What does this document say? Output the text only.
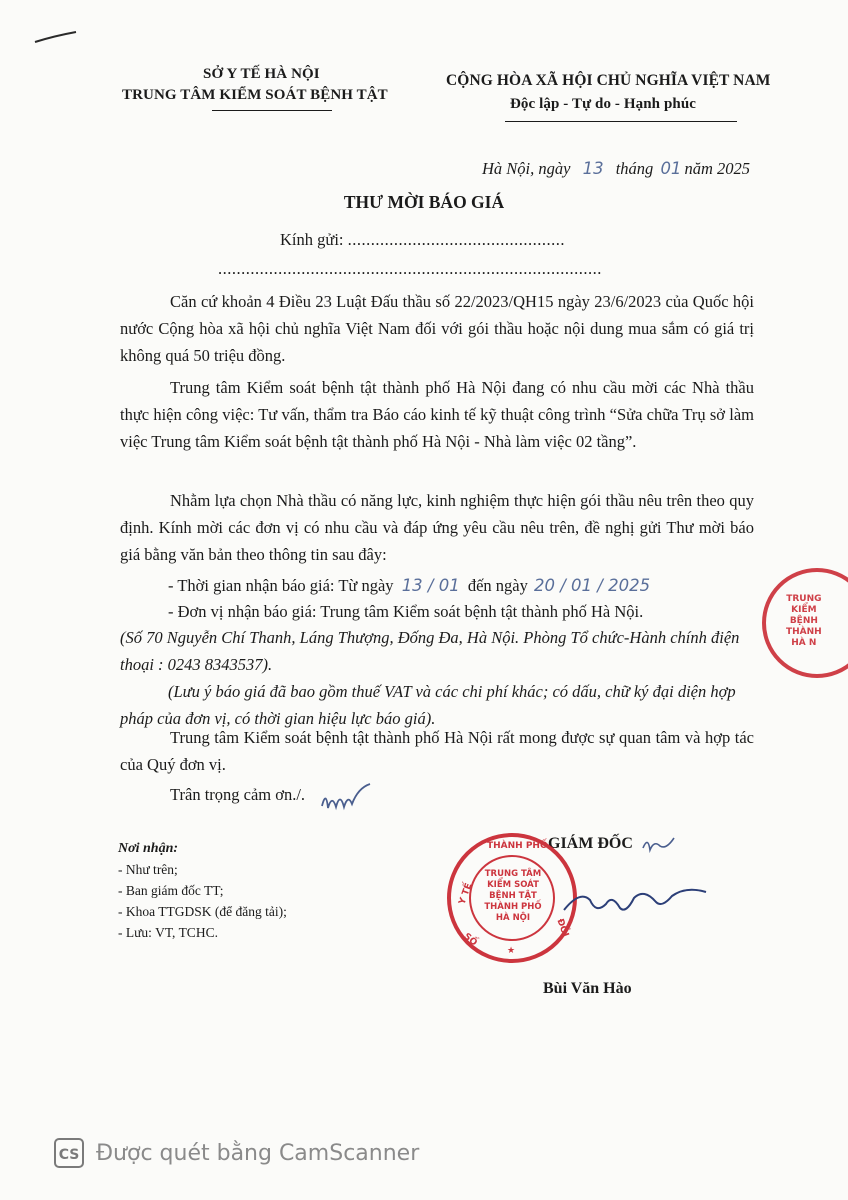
SỞ Y TẾ HÀ NỘI
TRUNG TÂM KIỂM SOÁT BỆNH TẬT
CỘNG HÒA XÃ HỘI CHỦ NGHĨA VIỆT NAM
Độc lập - Tự do - Hạnh phúc
Hà Nội, ngày 13 tháng 01 năm 2025
THƯ MỜI BÁO GIÁ
Kính gửi: ...............................................
...................................................................................
Căn cứ khoản 4 Điều 23 Luật Đấu thầu số 22/2023/QH15 ngày 23/6/2023 của Quốc hội nước Cộng hòa xã hội chủ nghĩa Việt Nam đối với gói thầu hoặc nội dung mua sắm có giá trị không quá 50 triệu đồng.
Trung tâm Kiểm soát bệnh tật thành phố Hà Nội đang có nhu cầu mời các Nhà thầu thực hiện công việc: Tư vấn, thẩm tra Báo cáo kinh tế kỹ thuật công trình “Sửa chữa Trụ sở làm việc Trung tâm Kiểm soát bệnh tật thành phố Hà Nội - Nhà làm việc 02 tầng”.
Nhằm lựa chọn Nhà thầu có năng lực, kinh nghiệm thực hiện gói thầu nêu trên theo quy định. Kính mời các đơn vị có nhu cầu và đáp ứng yêu cầu nêu trên, đề nghị gửi Thư mời báo giá bằng văn bản theo thông tin sau đây:
- Thời gian nhận báo giá: Từ ngày 13 / 01 đến ngày 20 / 01 / 2025
- Đơn vị nhận báo giá: Trung tâm Kiểm soát bệnh tật thành phố Hà Nội.
(Số 70 Nguyễn Chí Thanh, Láng Thượng, Đống Đa, Hà Nội. Phòng Tổ chức-Hành chính điện thoại : 0243 8343537).
(Lưu ý báo giá đã bao gồm thuế VAT và các chi phí khác; có dấu, chữ ký đại diện hợp pháp của đơn vị, có thời gian hiệu lực báo giá).
Trung tâm Kiểm soát bệnh tật thành phố Hà Nội rất mong được sự quan tâm và hợp tác của Quý đơn vị.
Trân trọng cảm ơn./.
Nơi nhận:
- Như trên;
- Ban giám đốc TT;
- Khoa TTGDSK (để đăng tải);
- Lưu: VT, TCHC.
GIÁM ĐỐC
THÀNH PHỐ
Y TẾ
ĐỒI
SỐ
★
TRUNG TÂM
KIỂM SOÁT
BỆNH TẬT
THÀNH PHỐ
HÀ NỘI
Bùi Văn Hào
TRUNG
KIỂM
BỆNH
THÀNH
HÀ N
CS Được quét bằng CamScanner
